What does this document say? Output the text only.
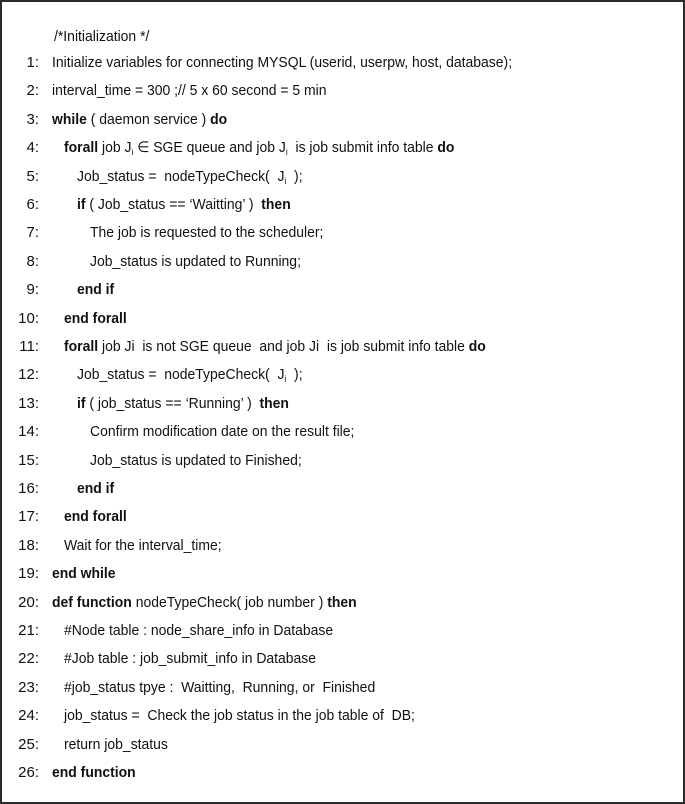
/*Initialization */

1: Initialize variables for connecting MYSQL (userid, userpw, host, database);
2: interval_time = 300 ;// 5 x 60 second = 5 min
3: while ( daemon service ) do
4: forall job $J_i$ ∈ SGE queue and job $J_i$  is job submit info table do
5:	Job_status =  nodeTypeCheck(  $J_i$  );
6:	if ( Job_status == ‘Waitting’ )  then
7:	The job is requested to the scheduler;
8:	Job_status is updated to Running;
9:	end if
10: end forall
11: forall job Ji  is not SGE queue  and job Ji  is job submit info table do
12:	Job_status =  nodeTypeCheck(  $J_i$  );
13:	if ( job_status == ‘Running’ )  then
14:	Confirm modification date on the result file;
15:	Job_status is updated to Finished;
16:	end if
17: end forall
18: Wait for the interval_time;
19: end while
20: def function nodeTypeCheck( job number ) then
21: #Node table : node_share_info in Database
22: #Job table : job_submit_info in Database
23: #job_status tpye :  Waitting,  Running, or  Finished
24: job_status =  Check the job status in the job table of  DB;
25: return job_status
26: end function
